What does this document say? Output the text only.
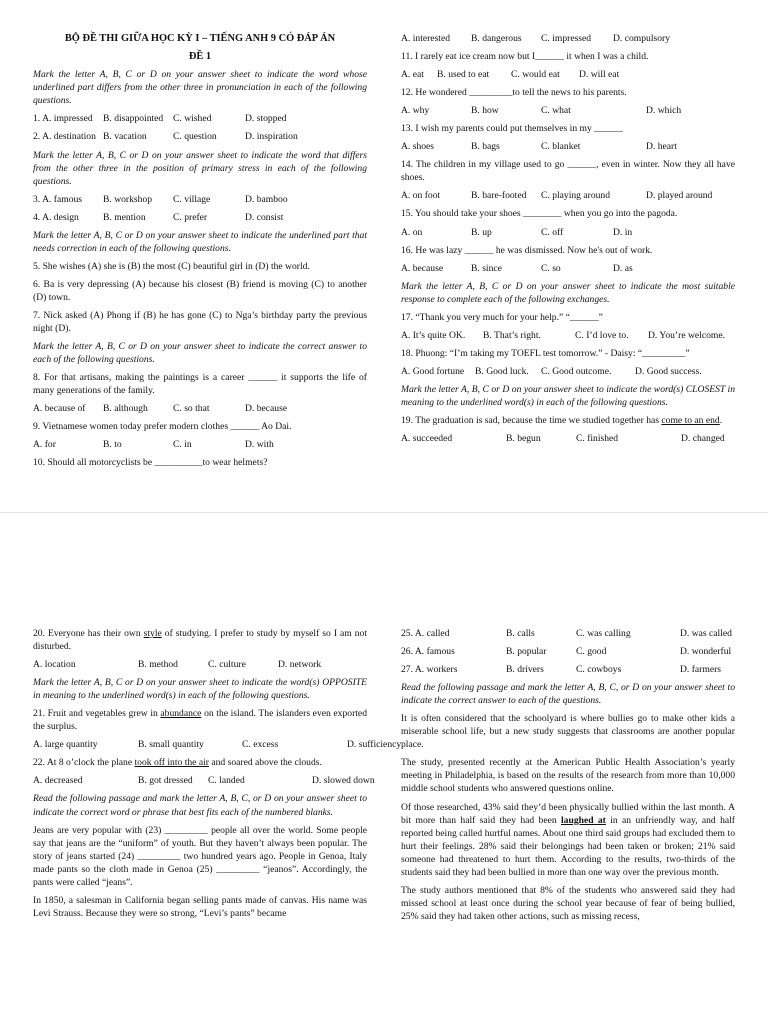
BỘ ĐỀ THI GIỮA HỌC KỲ I – TIẾNG ANH 9 CÓ ĐÁP ÁN

ĐỀ 1

Mark the letter A, B, C or D on your answer sheet to indicate the word whose underlined part differs from the other three in pronunciation in each of the following questions.

1. A. impressed	B. disappointed	C. wished	D. stopped
2. A. destination B. vacation	C. question	D. inspiration

Mark the letter A, B, C or D on your answer sheet to indicate the word that differs from the other three in the position of primary stress in each of the following questions.

3. A. famous	B. workshop	C. village	D. bamboo
4. A. design	B. mention	C. prefer	D. consist

Mark the letter A, B, C or D on your answer sheet to indicate the underlined part that needs correction in each of the following questions.

5. She wishes (A) she is (B) the most (C) beautiful girl in (D) the world.

6. Ba is very depressing (A) because his closest (B) friend is moving (C) to another (D) town.

7. Nick asked (A) Phong if (B) he has gone (C) to Nga’s birthday party the previous night (D).

Mark the letter A, B, C or D on your answer sheet to indicate the correct answer to each of the following questions.

8. For that artisans, making the paintings is a career ______ it supports the life of many generations of the family.

A. because of	B. although	C. so that	D. because

9. Vietnamese women today prefer modern clothes ______ Ao Dai.

A. for	B. to	C. in	D. with

10. Should all motorcyclists be __________to wear helmets?

A. interested	B. dangerous	C. impressed	D. compulsory

11. I rarely eat ice cream now but I______ it when I was a child.

A. eat	B. used to eat	C. would eat	D. will eat

12. He wondered _________to tell the news to his parents.

A. why	B. how	C. what	D. which

13. I wish my parents could put themselves in my ______

A. shoes	B. bags	C. blanket	D. heart

14. The children in my village used to go ______, even in winter. Now they all have shoes.

A. on foot	B. bare-footed	C. playing around	D. played around

15. You should take your shoes ________ when you go into the pagoda.

A. on	B. up	C. off	D. in

16. He was lazy ______ he was dismissed. Now he's out of work.

A. because	B. since	C. so	D. as

Mark the letter A, B, C or D on your answer sheet to indicate the most suitable response to complete each of the following exchanges.

17. “Thank you very much for your help.” “______”

A. It’s quite OK.	B. That’s right.	C. I’d love to.	D. You’re welcome.

18. Phuong: “I’m taking my TOEFL test tomorrow.” - Daisy: “_________”

A. Good fortune	B. Good luck.	C. Good outcome.	D. Good success.

Mark the letter A, B, C or D on your answer sheet to indicate the word(s) CLOSEST in meaning to the underlined word(s) in each of the following questions.

19. The graduation is sad, because the time we studied together has come to an end.

A. succeeded	B. begun	C. finished	D. changed

20. Everyone has their own style of studying. I prefer to study by myself so I am not disturbed.

A. location	B. method	C. culture	D. network

Mark the letter A, B, C or D on your answer sheet to indicate the word(s) OPPOSITE in meaning to the underlined word(s) in each of the following questions.

21. Fruit and vegetables grew in abundance on the island. The islanders even exported the surplus.

A. large quantity	B. small quantity	C. excess	D. sufficiency

22. At 8 o’clock the plane took off into the air and soared above the clouds.

A. decreased	B. got dressed	C. landed	D. slowed down

Read the following passage and mark the letter A, B, C, or D on your answer sheet to indicate the correct word or phrase that best fits each of the numbered blanks.

Jeans are very popular with (23) _________ people all over the world. Some people say that jeans are the “uniform” of youth. But they haven’t always been popular. The story of jeans started (24) _________ two hundred years ago. People in Genoa, Italy made pants so the cloth made in Genoa (25) _________ “jeanos”. Accordingly, the pants were called “jeans”.

In 1850, a salesman in California began selling pants made of canvas. His name was Levi Strauss. Because they were so strong, “Levi’s pants” became

25. A. called	B. calls	C. was calling	D. was called
26. A. famous	B. popular	C. good	D. wonderful
27. A. workers	B. drivers	C. cowboys	D. farmers

Read the following passage and mark the letter A, B, C, or D on your answer sheet to indicate the correct answer to each of the questions.

It is often considered that the schoolyard is where bullies go to make other kids a miserable school life, but a new study suggests that classrooms are another popular place.

The study, presented recently at the American Public Health Association’s yearly meeting in Philadelphia, is based on the results of the research from more than 10,000 middle school students who answered questions online.

Of those researched, 43% said they’d been physically bullied within the last month. A bit more than half said they had been laughed at in an unfriendly way, and half reported being called hurtful names. About one third said groups had excluded them to hurt their feelings. 28% said their belongings had been taken or broken; 21% said someone had threatened to hurt them. According to the results, two-thirds of the students said they had been bullied in more than one way over the previous month.

The study authors mentioned that 8% of the students who answered said they had missed school at least once during the school year because of fear of being bullied, 25% said they had taken other actions, such as missing recess,
